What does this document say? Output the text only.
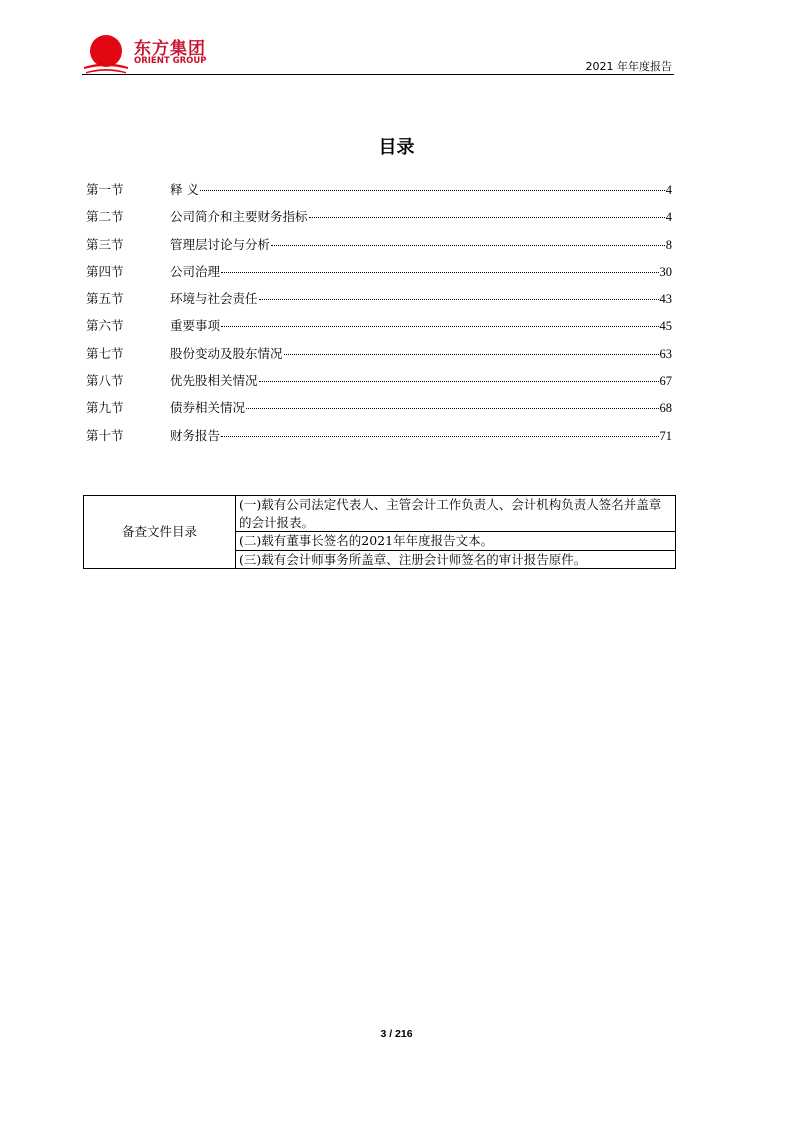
东方集团
ORIENT GROUP	2021 年年度报告
目录
第一节	释 义	4
第二节	公司简介和主要财务指标	4
第三节	管理层讨论与分析	8
第四节	公司治理	30
第五节	环境与社会责任	43
第六节	重要事项	45
第七节	股份变动及股东情况	63
第八节	优先股相关情况	67
第九节	债券相关情况	68
第十节	财务报告	71
备查文件目录	(一)载有公司法定代表人、主管会计工作负责人、会计机构负责人签名并盖章的会计报表。
(二)载有董事长签名的2021年年度报告文本。
(三)载有会计师事务所盖章、注册会计师签名的审计报告原件。
3 / 216
